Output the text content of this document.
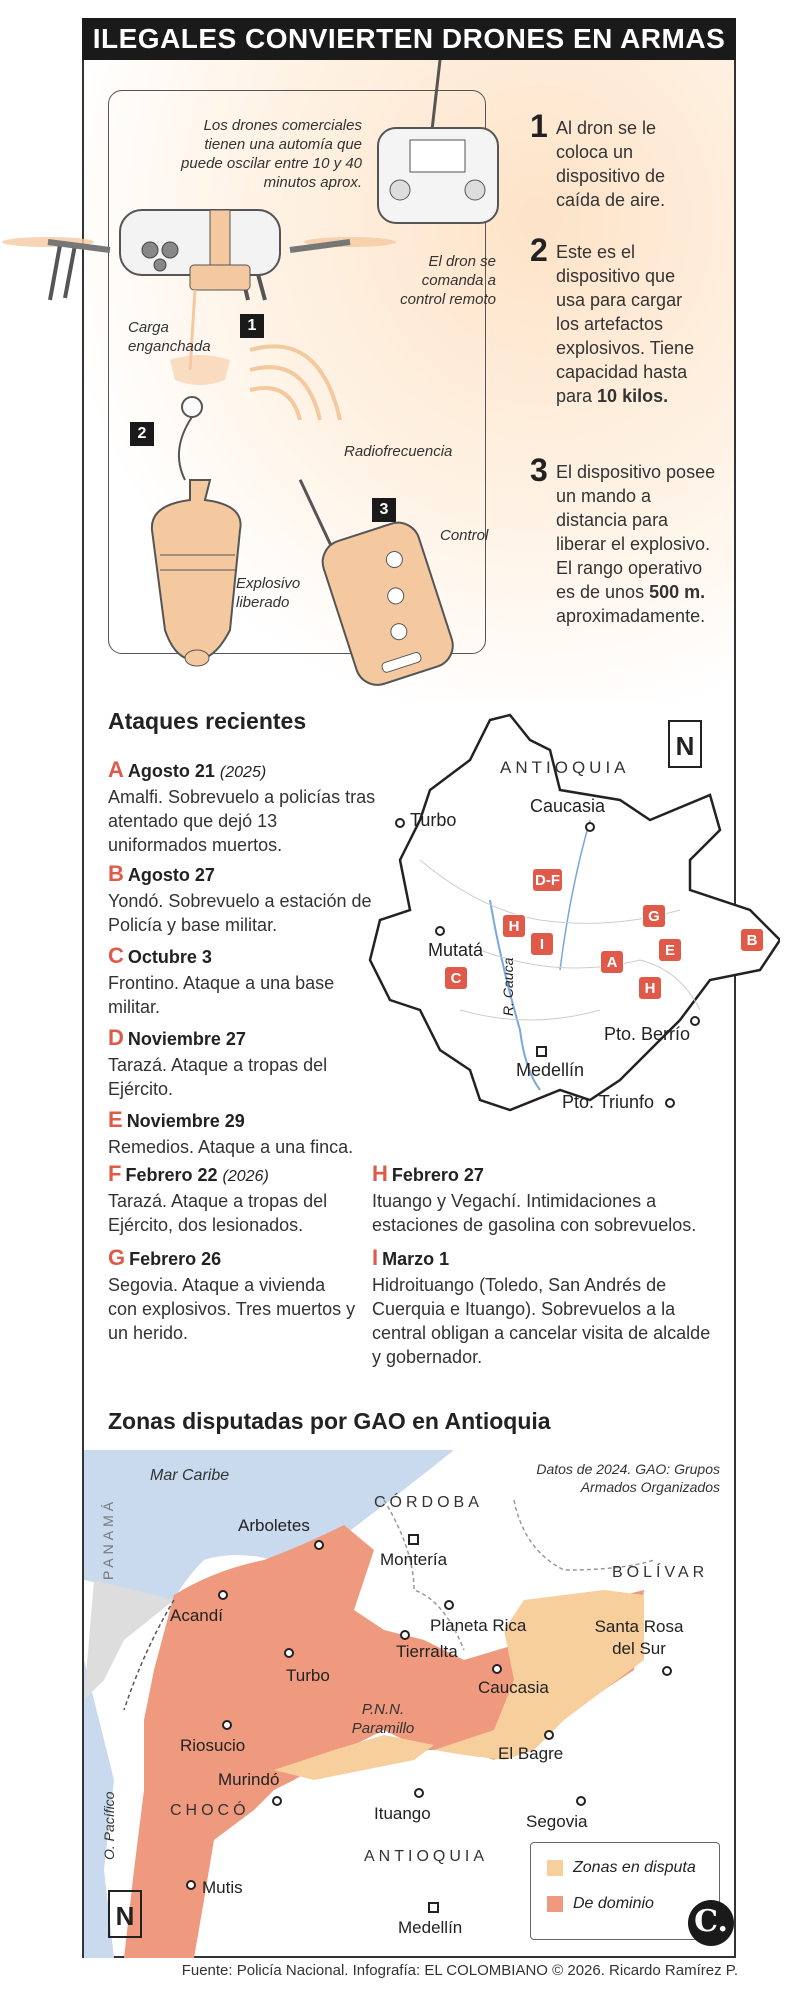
ILEGALES CONVIERTEN DRONES EN ARMAS
Los drones comerciales tienen una automía que puede oscilar entre 10 y 40 minutos aprox.
El dron se comanda a control remoto
Carga enganchada
Radiofrecuencia
Control
Explosivo liberado
1
2
3
1 Al dron se le coloca un dispositivo de caída de aire.
2 Este es el dispositivo que usa para cargar los artefactos explosivos. Tiene capacidad hasta para 10 kilos.
3 El dispositivo posee un mando a distancia para liberar el explosivo. El rango operativo es de unos 500 m. aproximadamente.
Ataques recientes
A Agosto 21 (2025)
Amalfi. Sobrevuelo a policías tras atentado que dejó 13 uniformados muertos.
B Agosto 27
Yondó. Sobrevuelo a estación de Policía y base militar.
C Octubre 3
Frontino. Ataque a una base militar.
D Noviembre 27
Tarazá. Ataque a tropas del Ejército.
E Noviembre 29
Remedios. Ataque a una finca.
F Febrero 22 (2026)
Tarazá. Ataque a tropas del Ejército, dos lesionados.
G Febrero 26
Segovia. Ataque a vivienda con explosivos. Tres muertos y un herido.
H Febrero 27
Ituango y Vegachí. Intimidaciones a estaciones de gasolina con sobrevuelos.
I Marzo 1
Hidroituango (Toledo, San Andrés de Cuerquia e Ituango). Sobrevuelos a la central obligan a cancelar visita de alcalde y gobernador.
ANTIOQUIA
N
R. Cauca
Turbo
Caucasia
Mutatá
Medellín
Pto. Berrío
Pto. Triunfo
D-F
H
I
G
E
A
H
B
C
Zonas disputadas por GAO en Antioquia
Datos de 2024. GAO: Grupos Armados Organizados
Mar Caribe
PANAMÁ
O. Pacífico
CÓRDOBA
BOLÍVAR
CHOCÓ
ANTIOQUIA
Arboletes
Montería
Acandí
Planeta Rica	Santa Rosa del Sur
Turbo
Tierralta
Caucasia
P.N.N. Paramillo
Riosucio	El Bagre
Murindó
Ituango	Segovia
Mutis
Medellín
N
Zonas en disputa
De dominio
C.
Fuente: Policía Nacional. Infografía: EL COLOMBIANO © 2026. Ricardo Ramírez P.
